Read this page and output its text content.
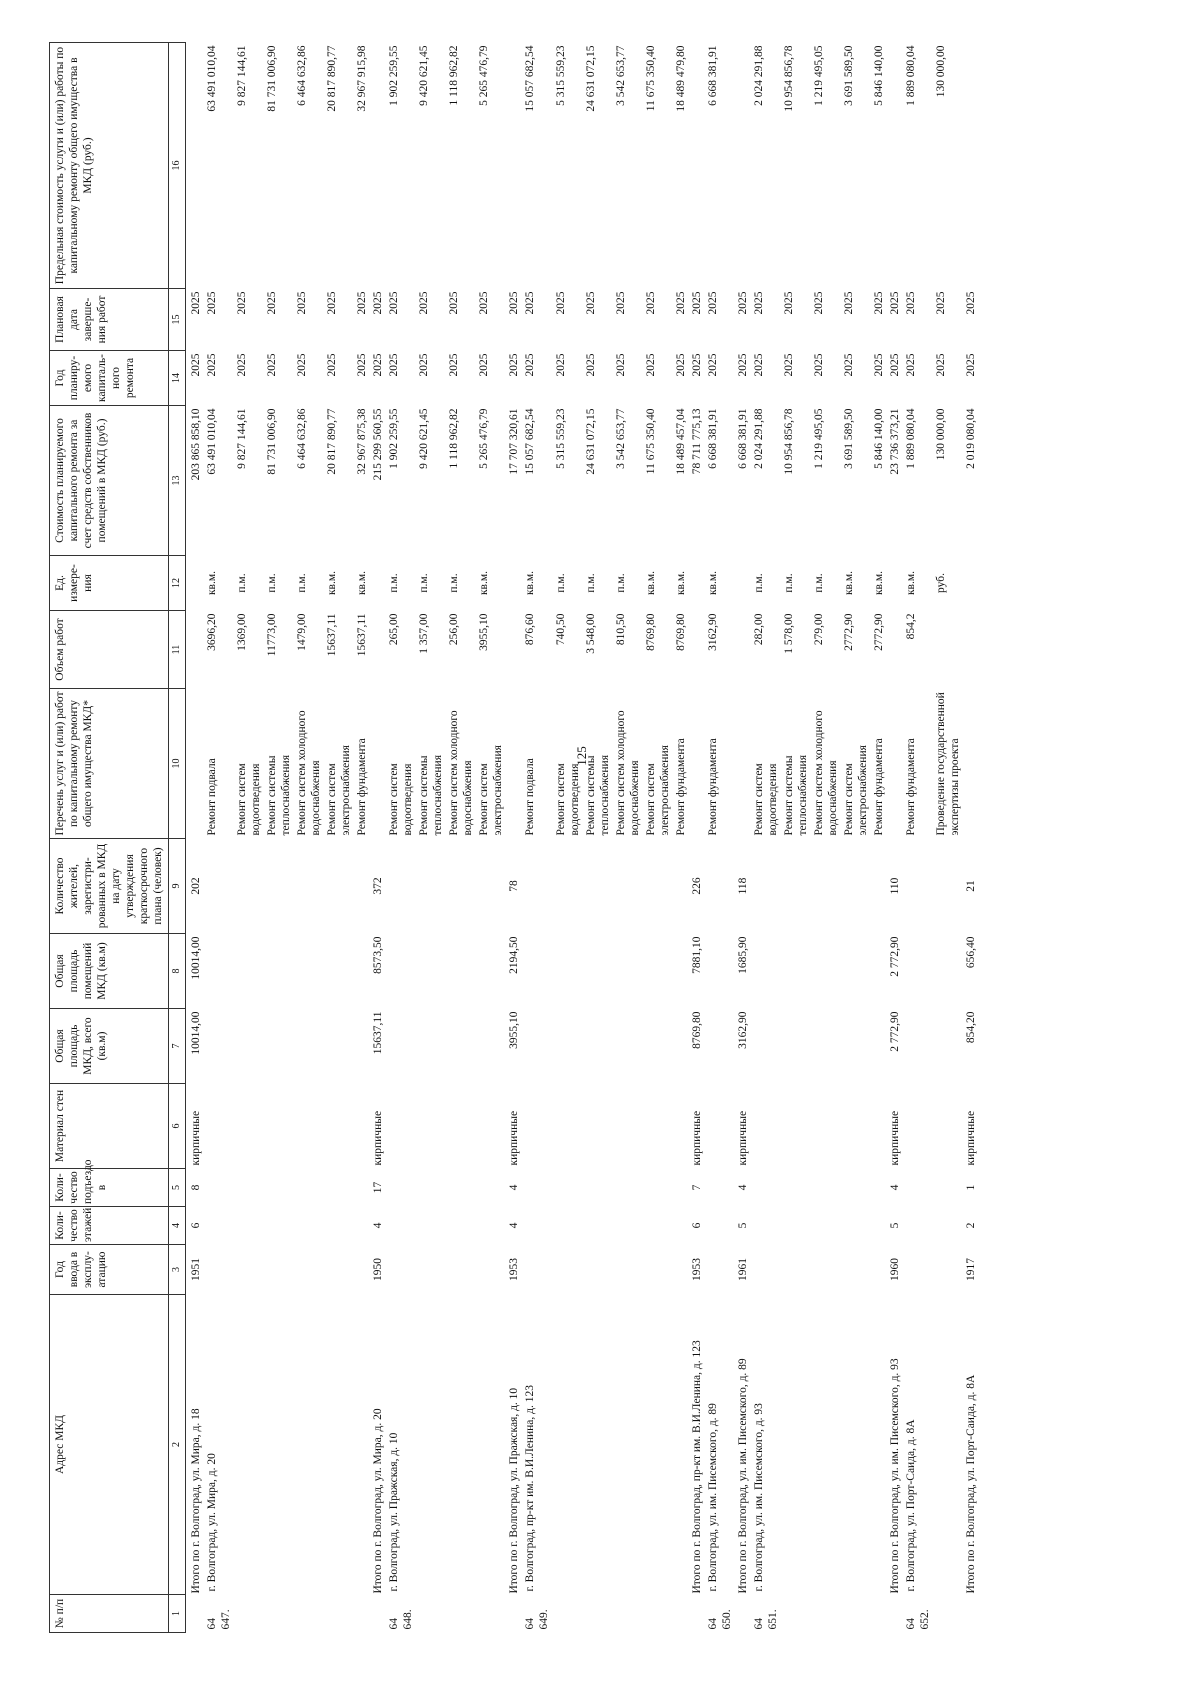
125
№ п/п	Адрес МКД	Год ввода в эксплу-атацию	Коли-чество этажей	Коли-чество подъездо в	Материал стен	Общая площадь МКД, всего (кв.м)	Общая площадь помещений МКД (кв.м)	Количество жителей, зарегистри-рованных в МКД на дату утверждения краткосрочного плана (человек)	Перечень услуг и (или) работ по капитальному ремонту общего имущества МКД*	Объем работ	Ед. измере-ния	Стоимость планируемого капитального ремонта за счет средств собственников помещений в МКД (руб.)	Год планиру-емого капиталь-ного ремонта	Плановая дата заверше-ния работ	Предельная стоимость услуги и (или) работы по капитальному ремонту общего имущества в МКД (руб.)
1	2	3	4	5	6	7	8	9	10	11	12	13	14	15	16
	Итого по г. Волгоград, ул. Мира, д. 18	1951	6	8	кирпичные	10014,00	10014,00	202				203 865 858,10	2025	2025	
64 647.	г. Волгоград, ул. Мира, д. 20								Ремонт подвала	3696,20	кв.м.	63 491 010,04	2025	2025	63 491 010,04
									Ремонт систем водоотведения	1369,00	п.м.	9 827 144,61	2025	2025	9 827 144,61
									Ремонт системы теплоснабжения	11773,00	п.м.	81 731 006,90	2025	2025	81 731 006,90
									Ремонт систем холодного водоснабжения	1479,00	п.м.	6 464 632,86	2025	2025	6 464 632,86
									Ремонт систем электроснабжения	15637,11	кв.м.	20 817 890,77	2025	2025	20 817 890,77
									Ремонт фундамента	15637,11	кв.м.	32 967 875,38	2025	2025	32 967 915,98
	Итого по г. Волгоград, ул. Мира, д. 20	1950	4	17	кирпичные	15637,11	8573,50	372				215 299 560,55	2025	2025	
64 648.	г. Волгоград, ул. Пражская, д. 10								Ремонт систем водоотведения	265,00	п.м.	1 902 259,55	2025	2025	1 902 259,55
									Ремонт системы теплоснабжения	1 357,00	п.м.	9 420 621,45	2025	2025	9 420 621,45
									Ремонт систем холодного водоснабжения	256,00	п.м.	1 118 962,82	2025	2025	1 118 962,82
									Ремонт систем электроснабжения	3955,10	кв.м.	5 265 476,79	2025	2025	5 265 476,79
	Итого по г. Волгоград, ул. Пражская, д. 10	1953	4	4	кирпичные	3955,10	2194,50	78				17 707 320,61	2025	2025	
64 649.	г. Волгоград, пр-кт им. В.И.Ленина, д. 123								Ремонт подвала	876,60	кв.м.	15 057 682,54	2025	2025	15 057 682,54
									Ремонт систем водоотведения	740,50	п.м.	5 315 559,23	2025	2025	5 315 559,23
									Ремонт системы теплоснабжения	3 548,00	п.м.	24 631 072,15	2025	2025	24 631 072,15
									Ремонт систем холодного водоснабжения	810,50	п.м.	3 542 653,77	2025	2025	3 542 653,77
									Ремонт систем электроснабжения	8769,80	кв.м.	11 675 350,40	2025	2025	11 675 350,40
									Ремонт фундамента	8769,80	кв.м.	18 489 457,04	2025	2025	18 489 479,80
	Итого по г. Волгоград, пр-кт им. В.И.Ленина, д. 123	1953	6	7	кирпичные	8769,80	7881,10	226				78 711 775,13	2025	2025	
64 650.	г. Волгоград, ул. им. Писемского, д. 89								Ремонт фундамента	3162,90	кв.м.	6 668 381,91	2025	2025	6 668 381,91
	Итого по г. Волгоград, ул. им. Писемского, д. 89	1961	5	4	кирпичные	3162,90	1685,90	118				6 668 381,91	2025	2025	
64 651.	г. Волгоград, ул. им. Писемского, д. 93								Ремонт систем водоотведения	282,00	п.м.	2 024 291,88	2025	2025	2 024 291,88
									Ремонт системы теплоснабжения	1 578,00	п.м.	10 954 856,78	2025	2025	10 954 856,78
									Ремонт систем холодного водоснабжения	279,00	п.м.	1 219 495,05	2025	2025	1 219 495,05
									Ремонт систем электроснабжения	2772,90	кв.м.	3 691 589,50	2025	2025	3 691 589,50
									Ремонт фундамента	2772,90	кв.м.	5 846 140,00	2025	2025	5 846 140,00
	Итого по г. Волгоград, ул. им. Писемского, д. 93	1960	5	4	кирпичные	2 772,90	2 772,90	110				23 736 373,21	2025	2025	
64 652.	г. Волгоград, ул. Порт-Саида, д. 8А								Ремонт фундамента	854,2	кв.м.	1 889 080,04	2025	2025	1 889 080,04
									Проведение государственной экспертизы проекта		руб.	130 000,00	2025	2025	130 000,00
	Итого по г. Волгоград, ул. Порт-Саида, д. 8А	1917	2	1	кирпичные	854,20	656,40	21				2 019 080,04	2025	2025	
